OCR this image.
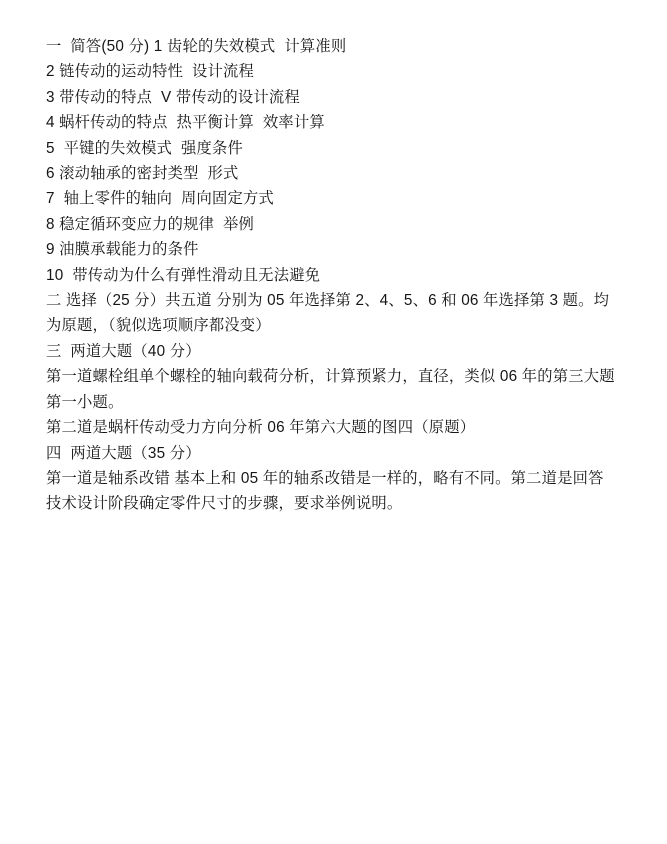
一  简答(50 分) 1 齿轮的失效模式  计算准则
2 链传动的运动特性  设计流程
3 带传动的特点  V 带传动的设计流程
4 蜗杆传动的特点  热平衡计算  效率计算
5  平键的失效模式  强度条件
6 滚动轴承的密封类型  形式
7  轴上零件的轴向  周向固定方式
8 稳定循环变应力的规律  举例
9 油膜承载能力的条件
10  带传动为什么有弹性滑动且无法避免
二 选择（25 分）共五道 分别为 05 年选择第 2、4、5、6 和 06 年选择第 3 题。均为原题，（貌似选项顺序都没变）
三  两道大题（40 分）
第一道螺栓组单个螺栓的轴向载荷分析，计算预紧力，直径，类似 06 年的第三大题第一小题。
第二道是蜗杆传动受力方向分析 06 年第六大题的图四（原题）
四  两道大题（35 分）
第一道是轴系改错 基本上和 05 年的轴系改错是一样的，略有不同。第二道是回答技术设计阶段确定零件尺寸的步骤，要求举例说明。
